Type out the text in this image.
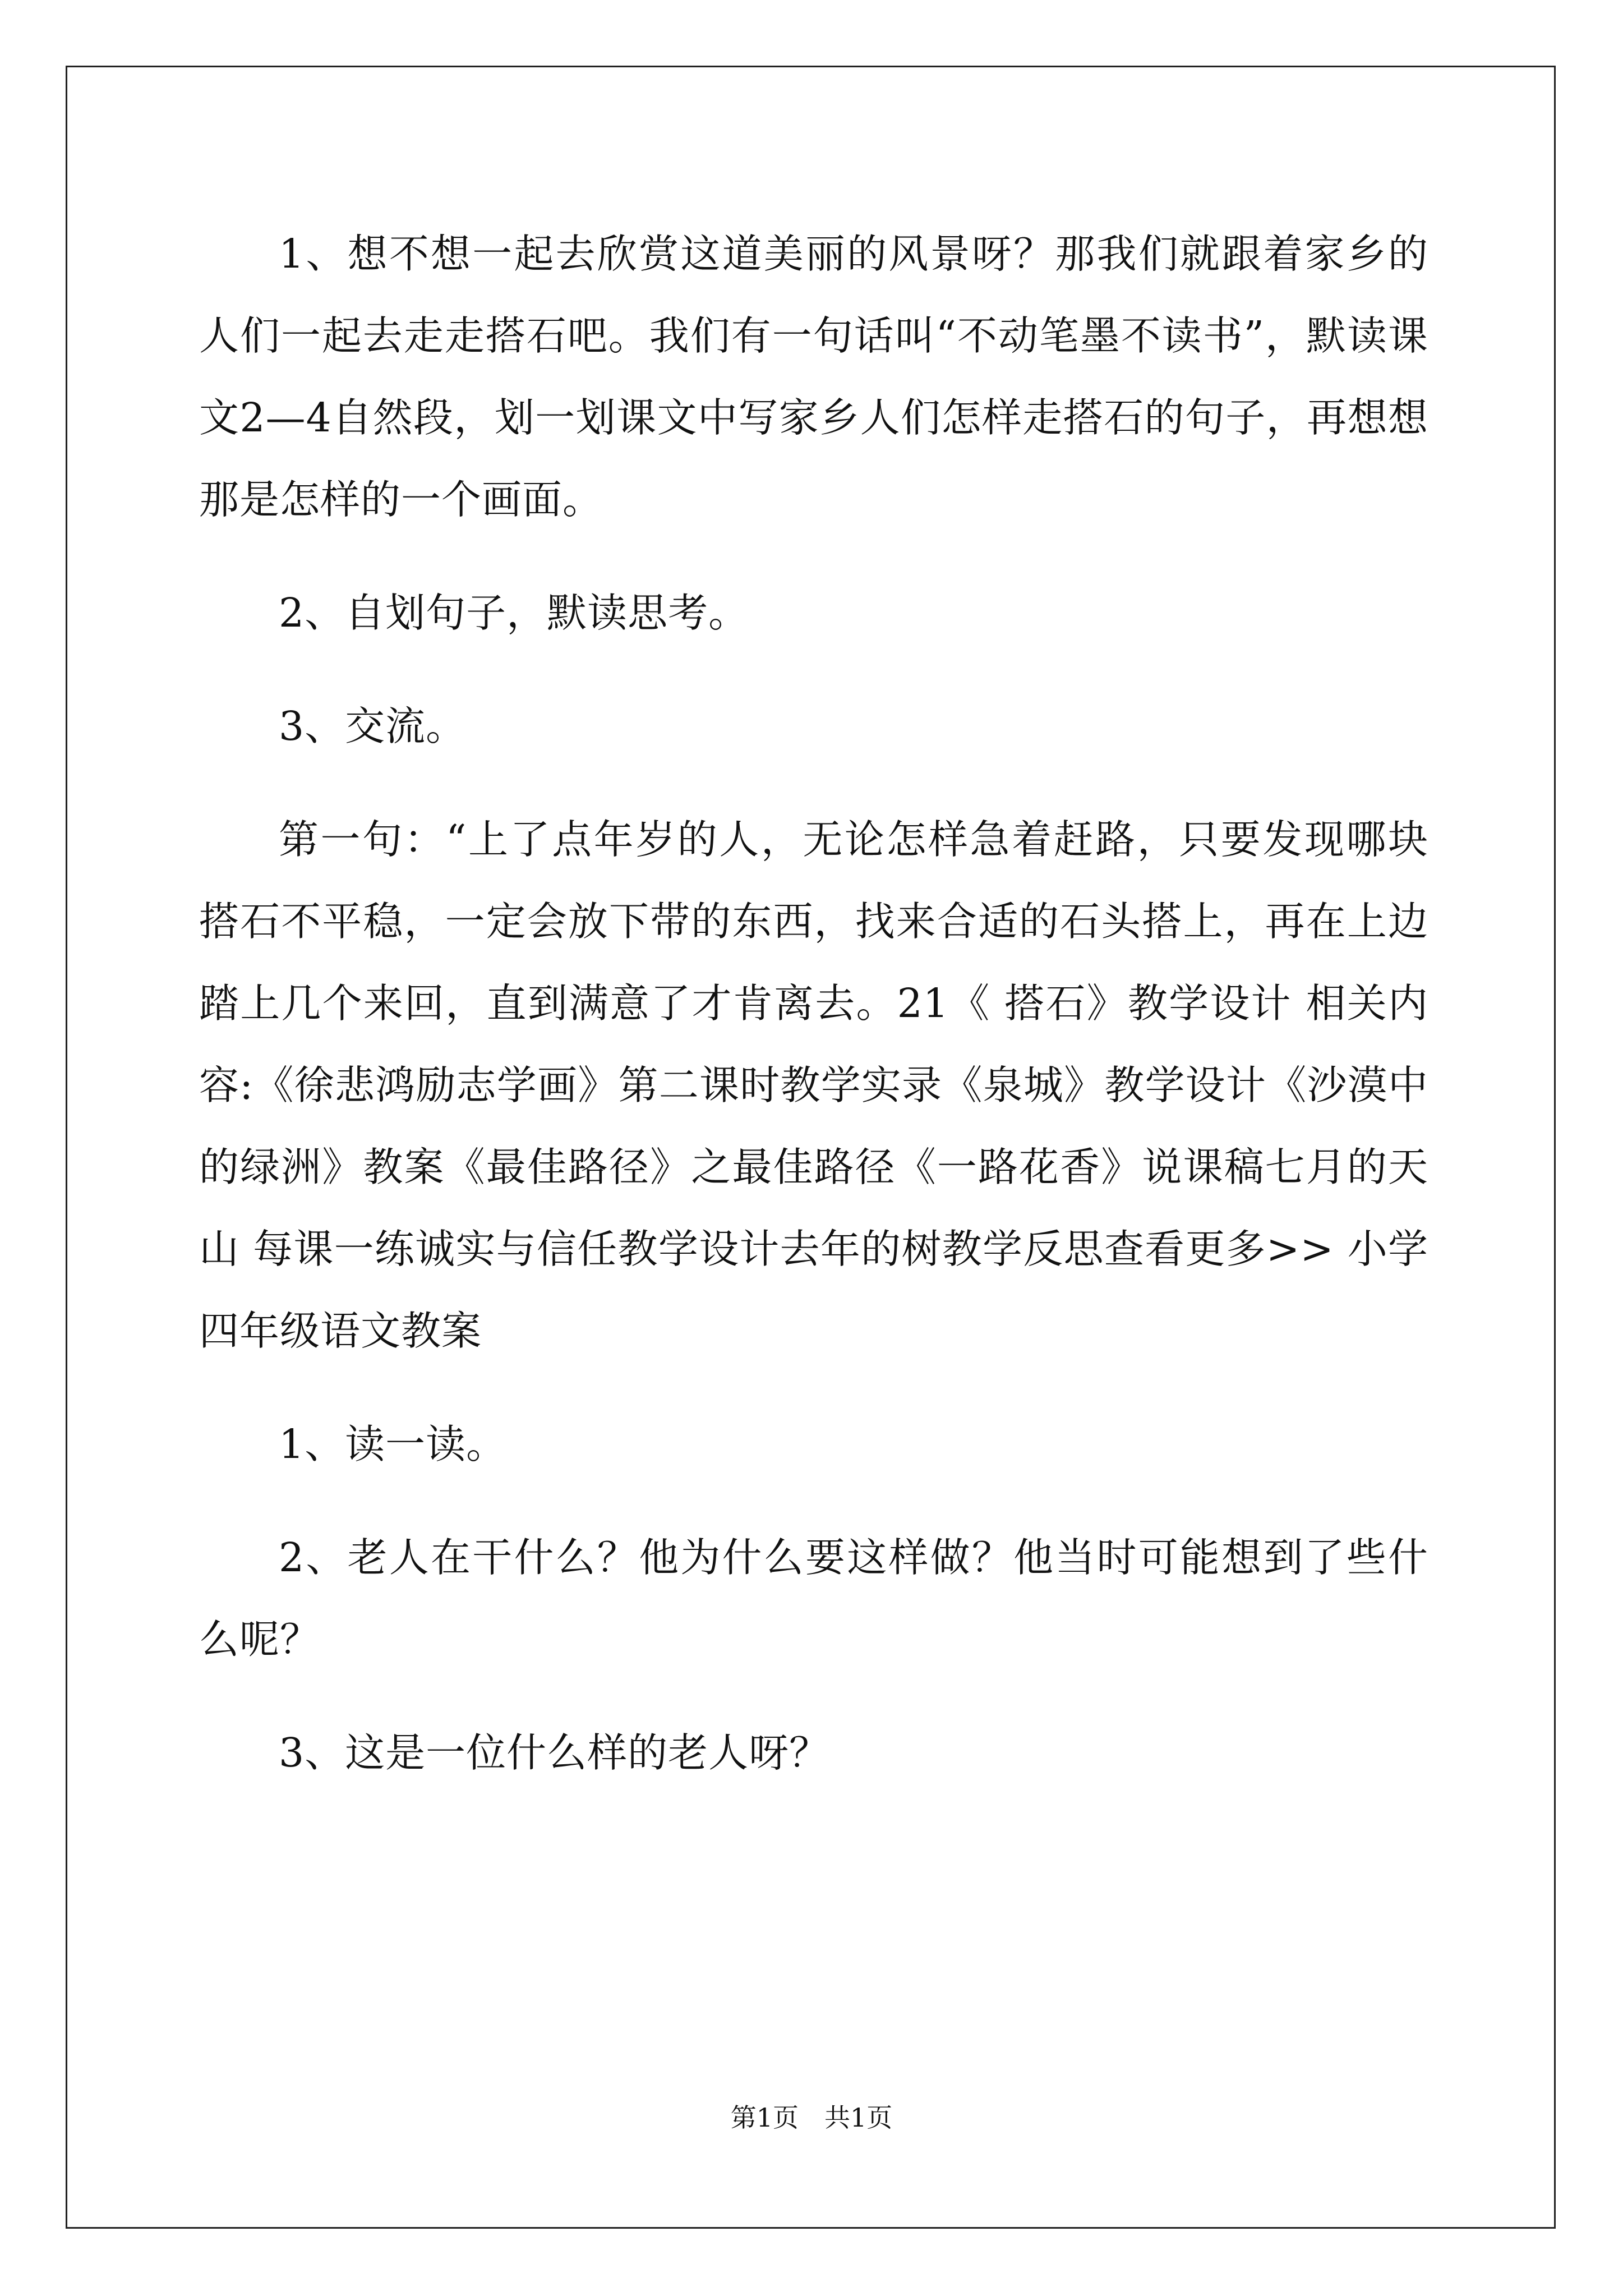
1、想不想一起去欣赏这道美丽的风景呀？那我们就跟着家乡的人们一起去走走搭石吧。我们有一句话叫“不动笔墨不读书”，默读课文2—4自然段，划一划课文中写家乡人们怎样走搭石的句子，再想想那是怎样的一个画面。

2、自划句子，默读思考。

3、交流。

第一句：“上了点年岁的人，无论怎样急着赶路，只要发现哪块搭石不平稳，一定会放下带的东西，找来合适的石头搭上，再在上边踏上几个来回，直到满意了才肯离去。21《 搭石》教学设计 相关内容:《徐悲鸿励志学画》第二课时教学实录《泉城》教学设计《沙漠中的绿洲》教案《最佳路径》之最佳路径《一路花香》说课稿七月的天山 每课一练诚实与信任教学设计去年的树教学反思查看更多>> 小学四年级语文教案

1、读一读。

2、老人在干什么？他为什么要这样做？他当时可能想到了些什么呢？

3、这是一位什么样的老人呀？

第1页 共1页
